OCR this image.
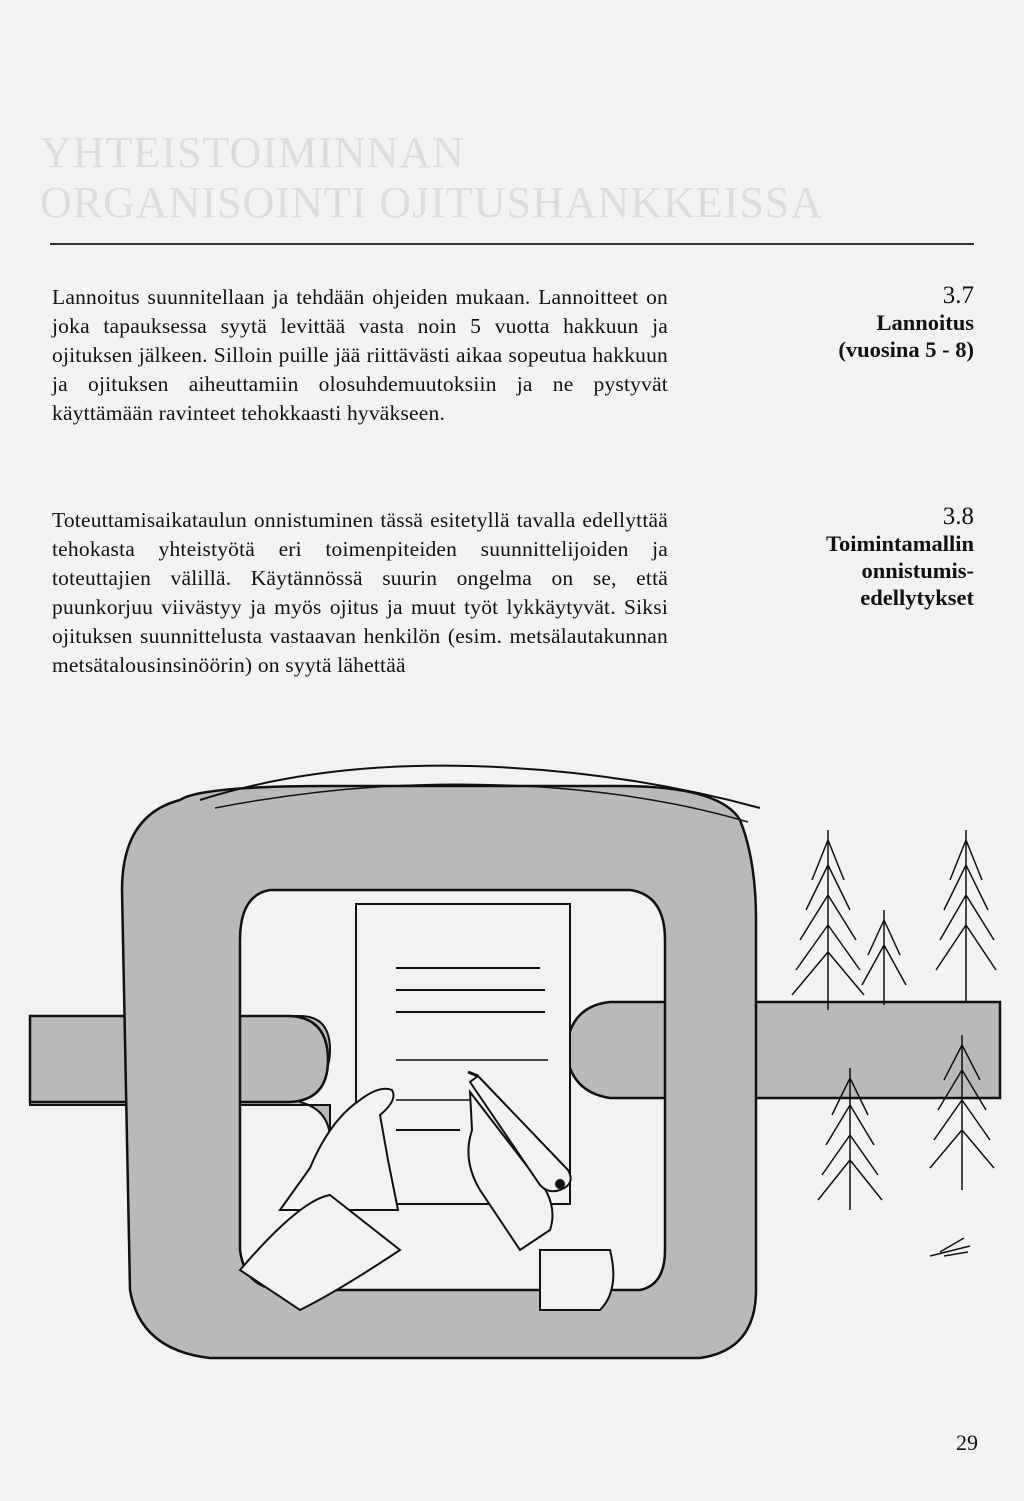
YHTEISTOIMINNAN
ORGANISOINTI OJITUSHANKKEISSA

Lannoitus suunnitellaan ja tehdään ohjeiden mukaan. Lannoitteet on joka tapauksessa syytä levittää vasta noin 5 vuotta hakkuun ja ojituksen jälkeen. Silloin puille jää riittävästi aikaa sopeutua hakkuun ja ojituksen aiheuttamiin olosuhdemuutoksiin ja ne pystyvät käyttämään ravinteet tehokkaasti hyväkseen.

3.7
Lannoitus
(vuosina 5 - 8)

Toteuttamisaikataulun onnistuminen tässä esitetyllä tavalla edellyttää tehokasta yhteistyötä eri toimenpiteiden suunnittelijoiden ja toteuttajien välillä. Käytännössä suurin ongelma on se, että puunkorjuu viivästyy ja myös ojitus ja muut työt lykkäytyvät. Siksi ojituksen suunnittelusta vastaavan henkilön (esim. metsälautakunnan metsätalousinsinöörin) on syytä lähettää

3.8
Toimintamallin
onnistumis-
edellytykset
29
